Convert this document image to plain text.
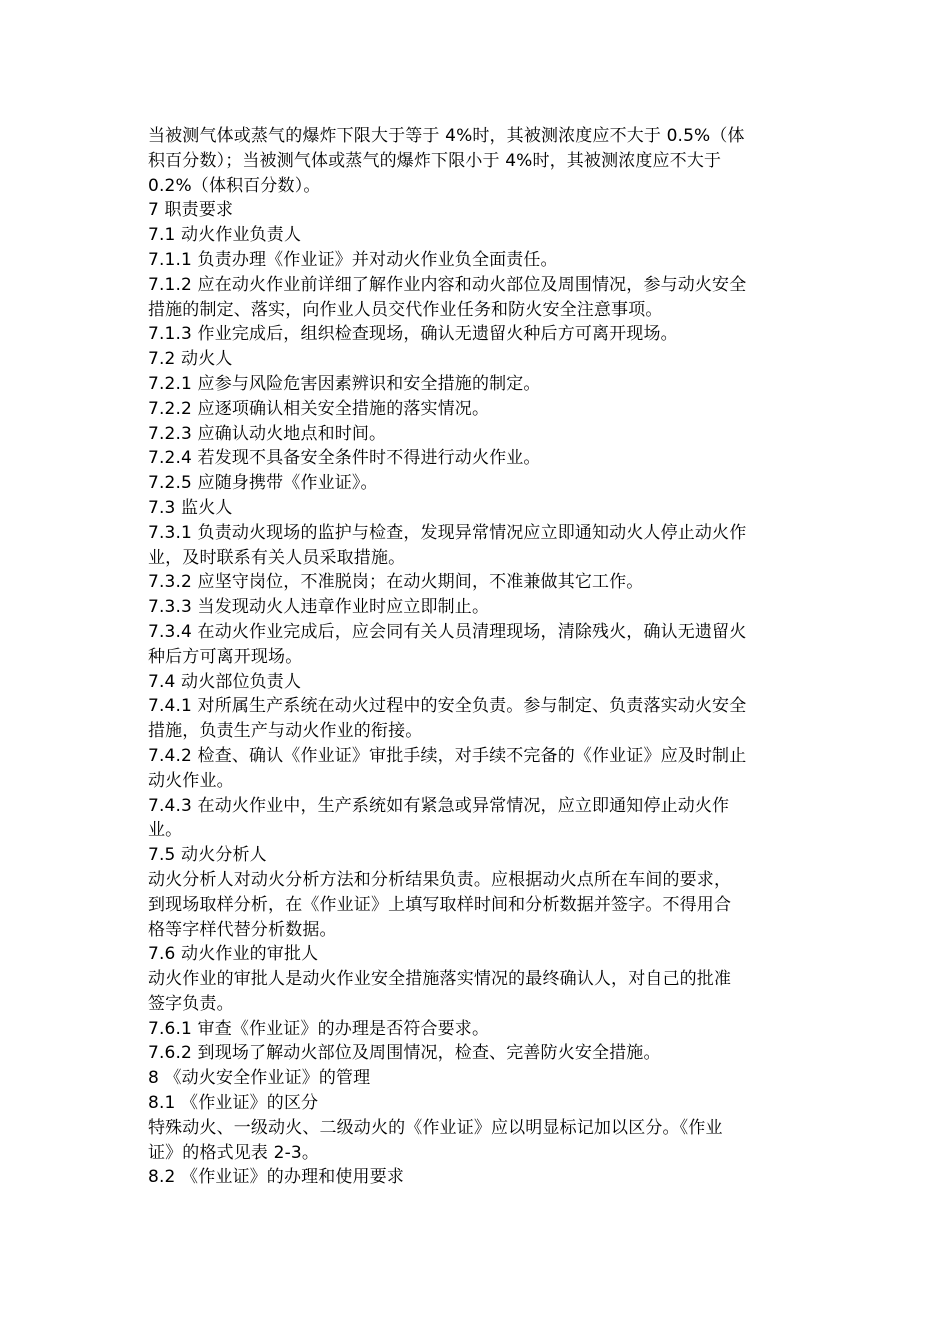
当被测气体或蒸气的爆炸下限大于等于 4%时，其被测浓度应不大于 0.5%（体
积百分数）；当被测气体或蒸气的爆炸下限小于 4%时，其被测浓度应不大于
0.2%（体积百分数）。
7 职责要求
7.1 动火作业负责人
7.1.1 负责办理《作业证》并对动火作业负全面责任。
7.1.2 应在动火作业前详细了解作业内容和动火部位及周围情况，参与动火安全
措施的制定、落实，向作业人员交代作业任务和防火安全注意事项。
7.1.3 作业完成后，组织检查现场，确认无遗留火种后方可离开现场。
7.2 动火人
7.2.1 应参与风险危害因素辨识和安全措施的制定。
7.2.2 应逐项确认相关安全措施的落实情况。
7.2.3 应确认动火地点和时间。
7.2.4 若发现不具备安全条件时不得进行动火作业。
7.2.5 应随身携带《作业证》。
7.3 监火人
7.3.1 负责动火现场的监护与检查，发现异常情况应立即通知动火人停止动火作
业，及时联系有关人员采取措施。
7.3.2 应坚守岗位，不准脱岗；在动火期间，不准兼做其它工作。
7.3.3 当发现动火人违章作业时应立即制止。
7.3.4 在动火作业完成后，应会同有关人员清理现场，清除残火，确认无遗留火
种后方可离开现场。
7.4 动火部位负责人
7.4.1 对所属生产系统在动火过程中的安全负责。参与制定、负责落实动火安全
措施，负责生产与动火作业的衔接。
7.4.2 检查、确认《作业证》审批手续，对手续不完备的《作业证》应及时制止
动火作业。
7.4.3 在动火作业中，生产系统如有紧急或异常情况，应立即通知停止动火作
业。
7.5 动火分析人
动火分析人对动火分析方法和分析结果负责。应根据动火点所在车间的要求，
到现场取样分析，在《作业证》上填写取样时间和分析数据并签字。不得用合
格等字样代替分析数据。
7.6 动火作业的审批人
动火作业的审批人是动火作业安全措施落实情况的最终确认人，对自己的批准
签字负责。
7.6.1 审查《作业证》的办理是否符合要求。
7.6.2 到现场了解动火部位及周围情况，检查、完善防火安全措施。
8 《动火安全作业证》的管理
8.1 《作业证》的区分
特殊动火、一级动火、二级动火的《作业证》应以明显标记加以区分。《作业
证》的格式见表 2-3。
8.2 《作业证》的办理和使用要求
